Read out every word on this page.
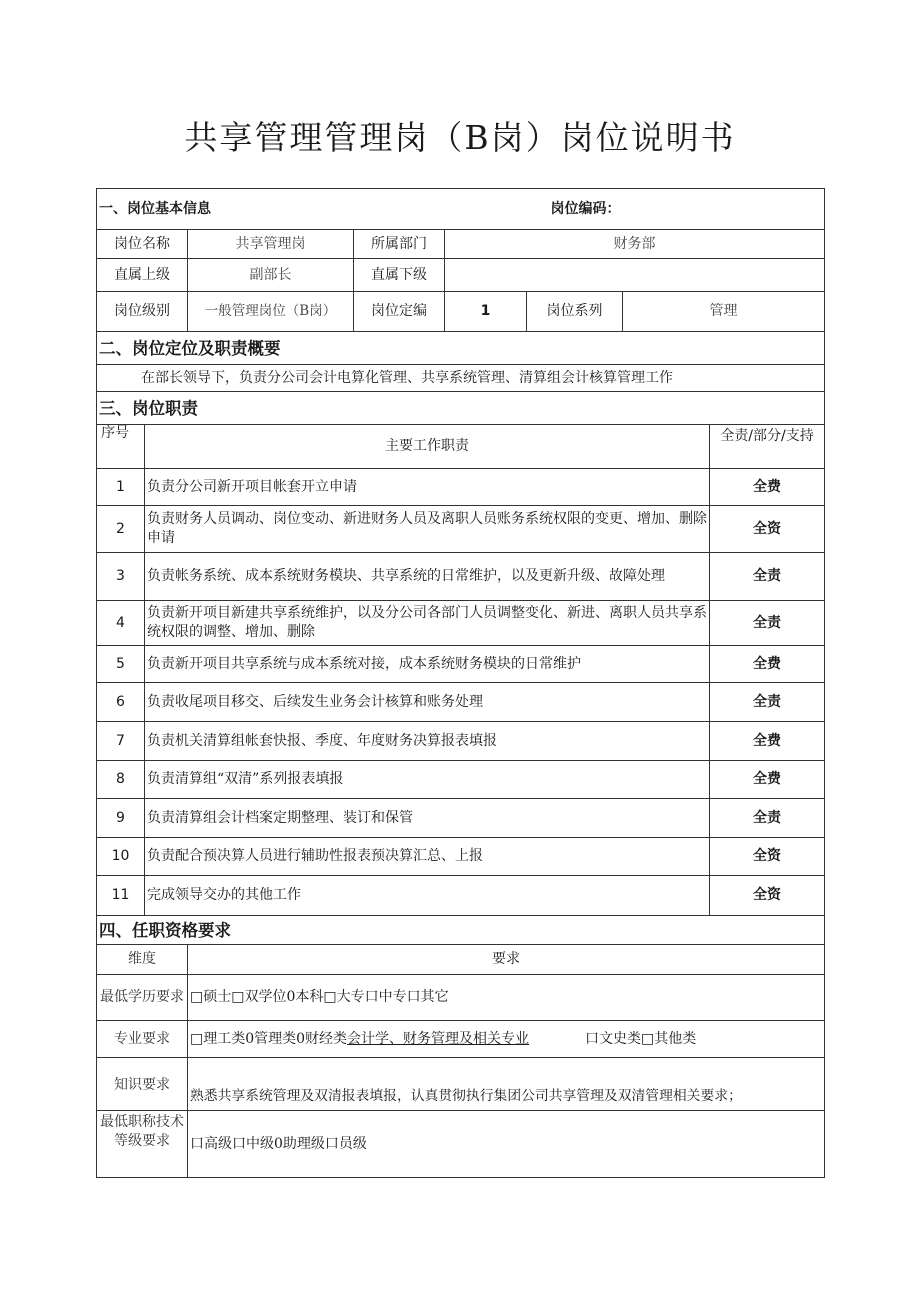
共享管理管理岗（B岗）岗位说明书
一、岗位基本信息					岗位编码：		
岗位名称		共享管理岗	所属部门	财务部			
直属上级		副部长	直属下级				
岗位级别		一般管理岗位（B岗）	岗位定编	1	岗位系列	管理	
二、岗位定位及职责概要							
在部长领导下，负责分公司会计电算化管理、共享系统管理、清算组会计核算管理工作							
三、岗位职责							
序号	主要工作职责						全责/部分/支持
1	负责分公司新开项目帐套开立申请						全费
2	负责财务人员调动、岗位变动、新进财务人员及离职人员账务系统权限的变更、增加、删除申请						全资
3	负责帐务系统、成本系统财务模块、共享系统的日常维护，以及更新升级、故障处理						全责
4	负责新开项目新建共享系统维护，以及分公司各部门人员调整变化、新进、离职人员共享系统权限的调整、增加、删除						全责
5	负责新开项目共享系统与成本系统对接，成本系统财务模块的日常维护						全费
6	负责收尾项目移交、后续发生业务会计核算和账务处理						全责
7	负责机关清算组帐套快报、季度、年度财务决算报表填报						全费
8	负责清算组“双清”系列报表填报						全费
9	负责清算组会计档案定期整理、装订和保管						全责
10	负责配合预决算人员进行辅助性报表预决算汇总、上报						全资
11	完成领导交办的其他工作						全资
四、任职资格要求							
维度		要求					
最低学历要求		□硕士□双学位0本科□大专口中专口其它					
专业要求		□理工类0管理类0财经类会计学、财务管理及相关专业 口文史类□其他类					
知识要求		熟悉共享系统管理及双清报表填报，认真贯彻执行集团公司共享管理及双清管理相关要求；					
最低职称技术等级要求		口高级口中级0助理级口员级					
